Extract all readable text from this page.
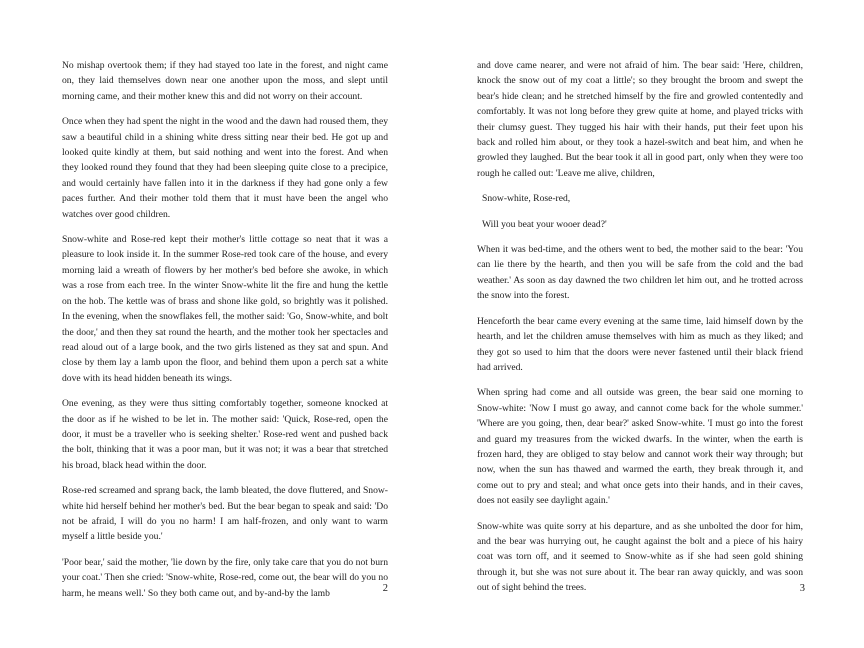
No mishap overtook them; if they had stayed too late in the forest, and night came on, they laid themselves down near one another upon the moss, and slept until morning came, and their mother knew this and did not worry on their account.

Once when they had spent the night in the wood and the dawn had roused them, they saw a beautiful child in a shining white dress sitting near their bed. He got up and looked quite kindly at them, but said nothing and went into the forest. And when they looked round they found that they had been sleeping quite close to a precipice, and would certainly have fallen into it in the darkness if they had gone only a few paces further. And their mother told them that it must have been the angel who watches over good children.

Snow-white and Rose-red kept their mother's little cottage so neat that it was a pleasure to look inside it. In the summer Rose-red took care of the house, and every morning laid a wreath of flowers by her mother's bed before she awoke, in which was a rose from each tree. In the winter Snow-white lit the fire and hung the kettle on the hob. The kettle was of brass and shone like gold, so brightly was it polished. In the evening, when the snowflakes fell, the mother said: 'Go, Snow-white, and bolt the door,' and then they sat round the hearth, and the mother took her spectacles and read aloud out of a large book, and the two girls listened as they sat and spun. And close by them lay a lamb upon the floor, and behind them upon a perch sat a white dove with its head hidden beneath its wings.

One evening, as they were thus sitting comfortably together, someone knocked at the door as if he wished to be let in. The mother said: 'Quick, Rose-red, open the door, it must be a traveller who is seeking shelter.' Rose-red went and pushed back the bolt, thinking that it was a poor man, but it was not; it was a bear that stretched his broad, black head within the door.

Rose-red screamed and sprang back, the lamb bleated, the dove fluttered, and Snow-white hid herself behind her mother's bed. But the bear began to speak and said: 'Do not be afraid, I will do you no harm! I am half-frozen, and only want to warm myself a little beside you.'

'Poor bear,' said the mother, 'lie down by the fire, only take care that you do not burn your coat.' Then she cried: 'Snow-white, Rose-red, come out, the bear will do you no harm, he means well.' So they both came out, and by-and-by the lamb	2

and dove came nearer, and were not afraid of him. The bear said: 'Here, children, knock the snow out of my coat a little'; so they brought the broom and swept the bear's hide clean; and he stretched himself by the fire and growled contentedly and comfortably. It was not long before they grew quite at home, and played tricks with their clumsy guest. They tugged his hair with their hands, put their feet upon his back and rolled him about, or they took a hazel-switch and beat him, and when he growled they laughed. But the bear took it all in good part, only when they were too rough he called out: 'Leave me alive, children,

Snow-white, Rose-red,

Will you beat your wooer dead?'

When it was bed-time, and the others went to bed, the mother said to the bear: 'You can lie there by the hearth, and then you will be safe from the cold and the bad weather.' As soon as day dawned the two children let him out, and he trotted across the snow into the forest.

Henceforth the bear came every evening at the same time, laid himself down by the hearth, and let the children amuse themselves with him as much as they liked; and they got so used to him that the doors were never fastened until their black friend had arrived.

When spring had come and all outside was green, the bear said one morning to Snow-white: 'Now I must go away, and cannot come back for the whole summer.' 'Where are you going, then, dear bear?' asked Snow-white. 'I must go into the forest and guard my treasures from the wicked dwarfs. In the winter, when the earth is frozen hard, they are obliged to stay below and cannot work their way through; but now, when the sun has thawed and warmed the earth, they break through it, and come out to pry and steal; and what once gets into their hands, and in their caves, does not easily see daylight again.'

Snow-white was quite sorry at his departure, and as she unbolted the door for him, and the bear was hurrying out, he caught against the bolt and a piece of his hairy coat was torn off, and it seemed to Snow-white as if she had seen gold shining through it, but she was not sure about it. The bear ran away quickly, and was soon out of sight behind the trees.	3
